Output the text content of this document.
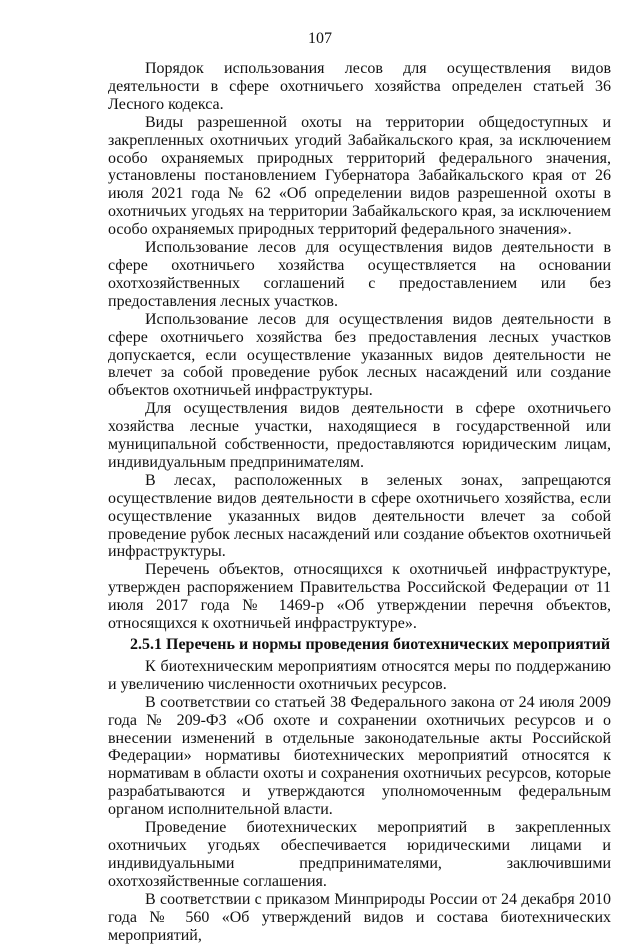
107

Порядок использования лесов для осуществления видов деятельности в сфере охотничьего хозяйства определен статьей 36 Лесного кодекса.

Виды разрешенной охоты на территории общедоступных и закрепленных охотничьих угодий Забайкальского края, за исключением особо охраняемых природных территорий федерального значения, установлены постановлением Губернатора Забайкальского края от 26 июля 2021 года № 62 «Об определении видов разрешенной охоты в охотничьих угодьях на территории Забайкальского края, за исключением особо охраняемых природных территорий федерального значения».

Использование лесов для осуществления видов деятельности в сфере охотничьего хозяйства осуществляется на основании охотхозяйственных соглашений с предоставлением или без предоставления лесных участков.

Использование лесов для осуществления видов деятельности в сфере охотничьего хозяйства без предоставления лесных участков допускается, если осуществление указанных видов деятельности не влечет за собой проведение рубок лесных насаждений или создание объектов охотничьей инфраструктуры.

Для осуществления видов деятельности в сфере охотничьего хозяйства лесные участки, находящиеся в государственной или муниципальной собственности, предоставляются юридическим лицам, индивидуальным предпринимателям.

В лесах, расположенных в зеленых зонах, запрещаются осуществление видов деятельности в сфере охотничьего хозяйства, если осуществление указанных видов деятельности влечет за собой проведение рубок лесных насаждений или создание объектов охотничьей инфраструктуры.

Перечень объектов, относящихся к охотничьей инфраструктуре, утвержден распоряжением Правительства Российской Федерации от 11 июля 2017 года № 1469-р «Об утверждении перечня объектов, относящихся к охотничьей инфраструктуре».

2.5.1 Перечень и нормы проведения биотехнических мероприятий

К биотехническим мероприятиям относятся меры по поддержанию и увеличению численности охотничьих ресурсов.

В соответствии со статьей 38 Федерального закона от 24 июля 2009 года № 209-ФЗ «Об охоте и сохранении охотничьих ресурсов и о внесении изменений в отдельные законодательные акты Российской Федерации» нормативы биотехнических мероприятий относятся к нормативам в области охоты и сохранения охотничьих ресурсов, которые разрабатываются и утверждаются уполномоченным федеральным органом исполнительной власти.

Проведение биотехнических мероприятий в закрепленных охотничьих угодьях обеспечивается юридическими лицами и индивидуальными предпринимателями, заключившими охотхозяйственные соглашения.

В соответствии с приказом Минприроды России от 24 декабря 2010 года № 560 «Об утверждений видов и состава биотехнических мероприятий,
